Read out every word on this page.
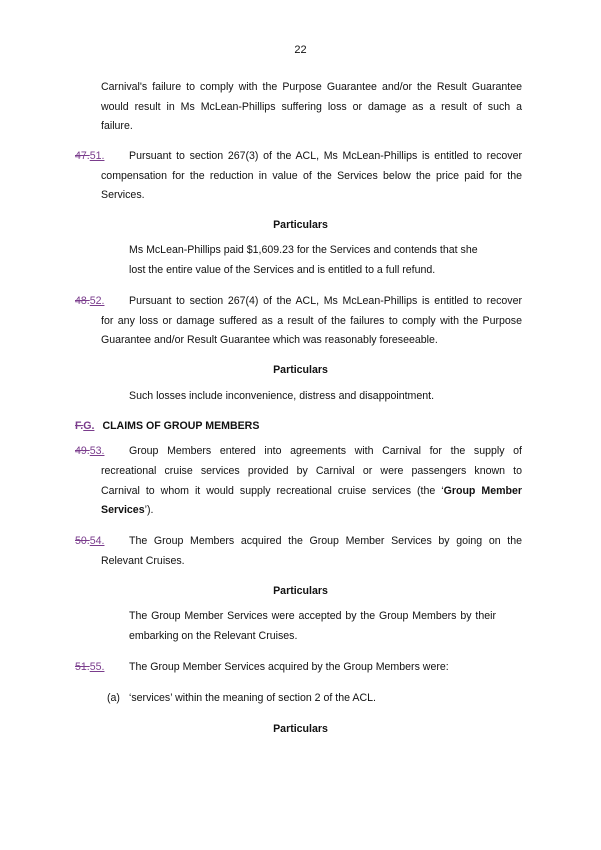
22
Carnival's failure to comply with the Purpose Guarantee and/or the Result Guarantee
would result in Ms McLean-Phillips suffering loss or damage as a result of such a
failure.
47.51.	Pursuant to section 267(3) of the ACL, Ms McLean-Phillips is entitled to recover
compensation for the reduction in value of the Services below the price paid for the
Services.
Particulars
Ms McLean-Phillips paid $1,609.23 for the Services and contends that she
lost the entire value of the Services and is entitled to a full refund.
48.52.	Pursuant to section 267(4) of the ACL, Ms McLean-Phillips is entitled to recover
for any loss or damage suffered as a result of the failures to comply with the Purpose
Guarantee and/or Result Guarantee which was reasonably foreseeable.
Particulars
Such losses include inconvenience, distress and disappointment.
F.G. CLAIMS OF GROUP MEMBERS
49.53.	Group Members entered into agreements with Carnival for the supply of
recreational cruise services provided by Carnival or were passengers known to
Carnival to whom it would supply recreational cruise services (the ‘Group Member
Services’).
50.54.	The Group Members acquired the Group Member Services by going on the
Relevant Cruises.
Particulars
The Group Member Services were accepted by the Group Members by their
embarking on the Relevant Cruises.
51.55.	The Group Member Services acquired by the Group Members were:
(a) ‘services’ within the meaning of section 2 of the ACL.
Particulars
